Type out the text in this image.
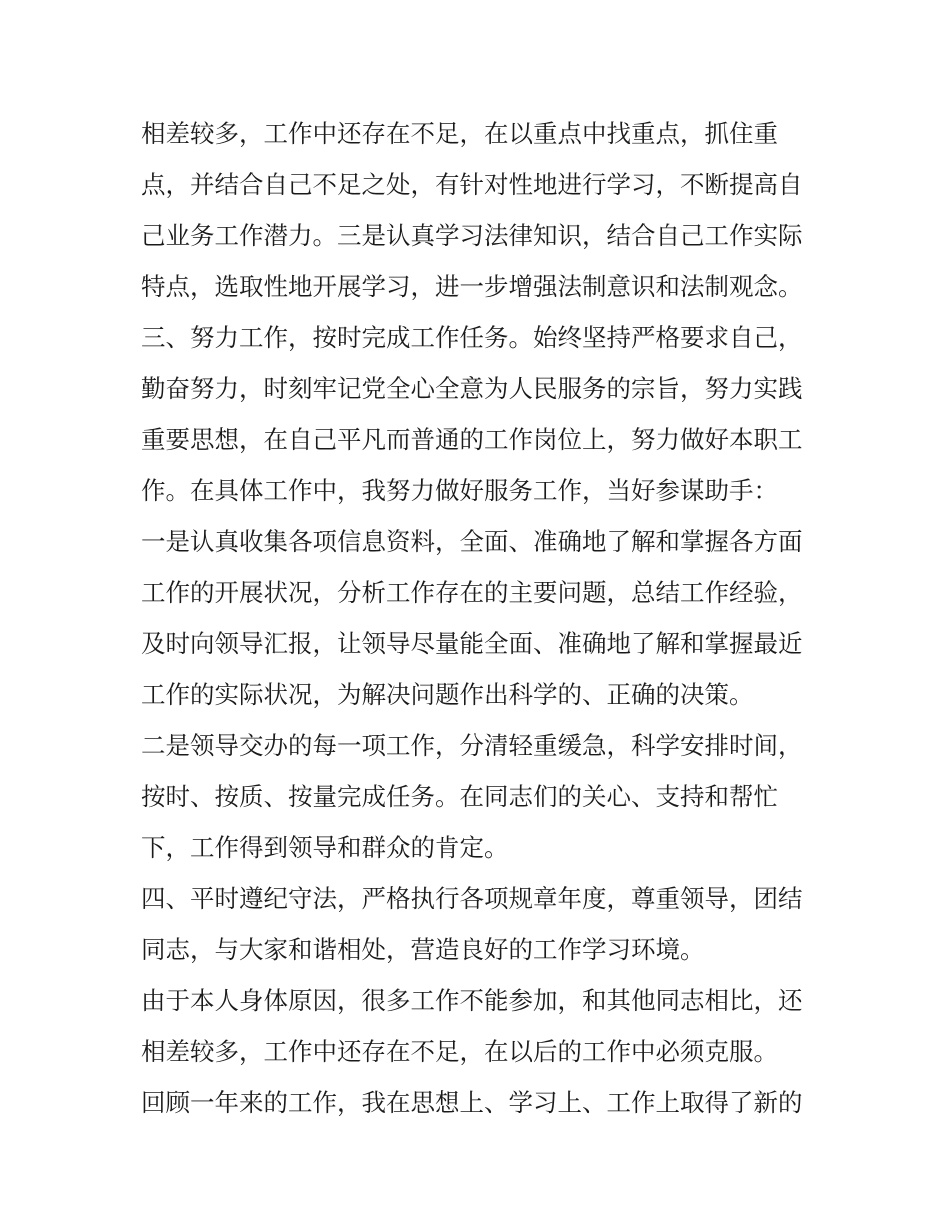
相差较多，工作中还存在不足，在以重点中找重点，抓住重
点，并结合自己不足之处，有针对性地进行学习，不断提高自
己业务工作潜力。三是认真学习法律知识，结合自己工作实际
特点，选取性地开展学习，进一步增强法制意识和法制观念。
三、努力工作，按时完成工作任务。始终坚持严格要求自己，
勤奋努力，时刻牢记党全心全意为人民服务的宗旨，努力实践
重要思想，在自己平凡而普通的工作岗位上，努力做好本职工
作。在具体工作中，我努力做好服务工作，当好参谋助手：
一是认真收集各项信息资料，全面、准确地了解和掌握各方面
工作的开展状况，分析工作存在的主要问题，总结工作经验，
及时向领导汇报，让领导尽量能全面、准确地了解和掌握最近
工作的实际状况，为解决问题作出科学的、正确的决策。
二是领导交办的每一项工作，分清轻重缓急，科学安排时间，
按时、按质、按量完成任务。在同志们的关心、支持和帮忙
下，工作得到领导和群众的肯定。
四、平时遵纪守法，严格执行各项规章年度，尊重领导，团结
同志，与大家和谐相处，营造良好的工作学习环境。
由于本人身体原因，很多工作不能参加，和其他同志相比，还
相差较多，工作中还存在不足，在以后的工作中必须克服。
回顾一年来的工作，我在思想上、学习上、工作上取得了新的
